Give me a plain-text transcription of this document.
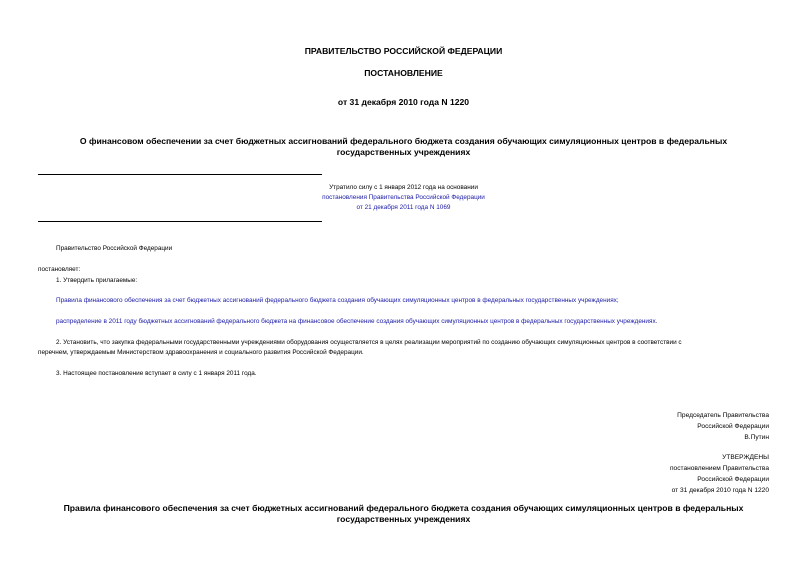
ПРАВИТЕЛЬСТВО РОССИЙСКОЙ ФЕДЕРАЦИИ
ПОСТАНОВЛЕНИЕ
от 31 декабря 2010 года N 1220
О финансовом обеспечении за счет бюджетных ассигнований федерального бюджета создания обучающих симуляционных центров в федеральных
государственных учреждениях
Утратило силу с 1 января 2012 года на основании
постановления Правительства Российской Федерации
от 21 декабря 2011 года N 1069
Правительство Российской Федерации
постановляет:
1. Утвердить прилагаемые:
Правила финансового обеспечения за счет бюджетных ассигнований федерального бюджета создания обучающих симуляционных центров в федеральных государственных учреждениях;
распределение в 2011 году бюджетных ассигнований федерального бюджета на финансовое обеспечение создания обучающих симуляционных центров в федеральных государственных учреждениях.
2. Установить, что закупка федеральными государственными учреждениями оборудования осуществляется в целях реализации мероприятий по созданию обучающих симуляционных центров в соответствии с
перечнем, утверждаемым Министерством здравоохранения и социального развития Российской Федерации.
3. Настоящее постановление вступает в силу с 1 января 2011 года.
Председатель Правительства
Российской Федерации
В.Путин
УТВЕРЖДЕНЫ
постановлением Правительства
Российской Федерации
от 31 декабря 2010 года N 1220
Правила финансового обеспечения за счет бюджетных ассигнований федерального бюджета создания обучающих симуляционных центров в федеральных
государственных учреждениях
